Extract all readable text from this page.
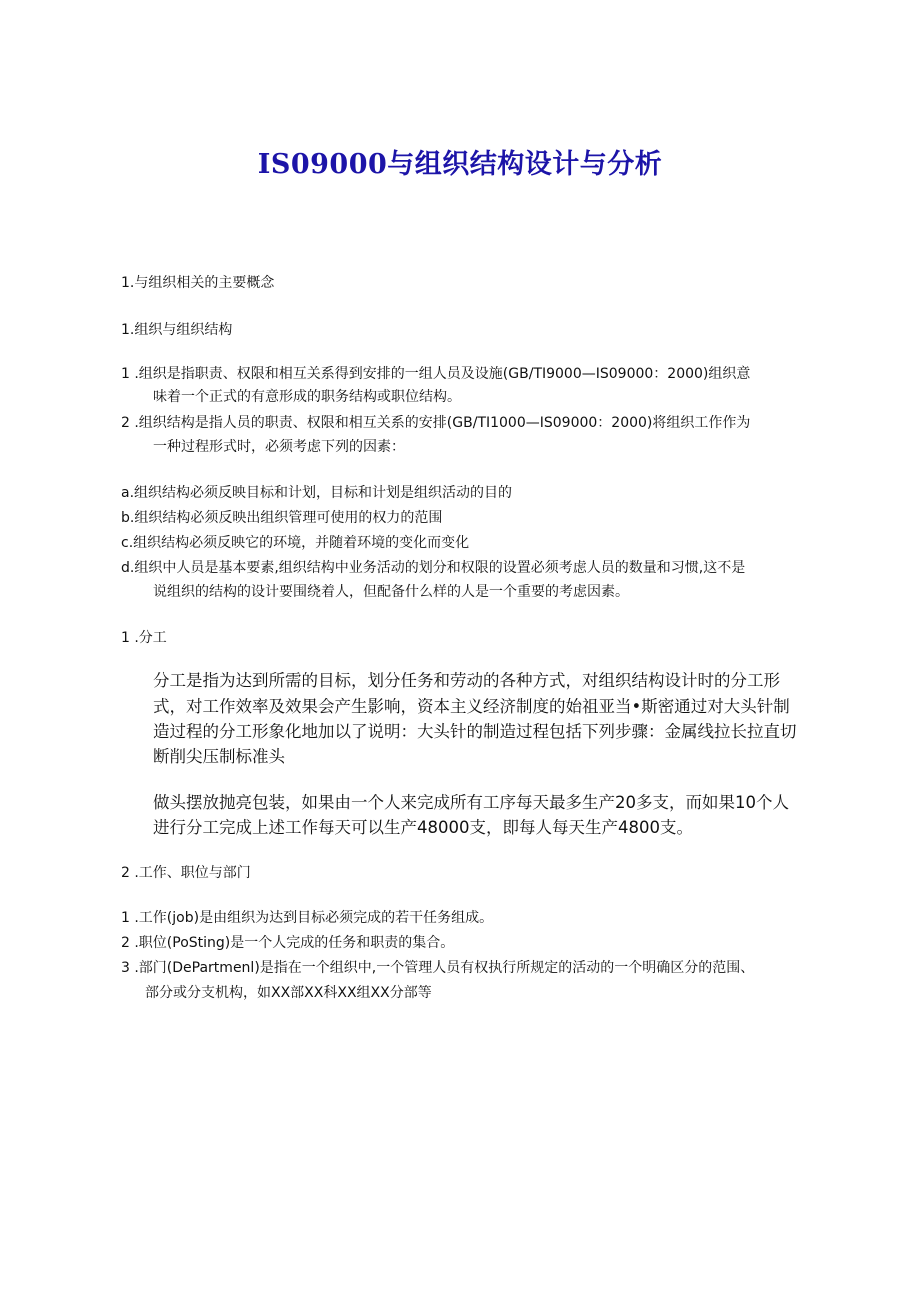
IS09000与组织结构设计与分析
1.与组织相关的主要概念
1.组织与组织结构
1 .组织是指职责、权限和相互关系得到安排的一组人员及设施(GB/TI9000—IS09000：2000)组织意
味着一个正式的有意形成的职务结构或职位结构。
2 .组织结构是指人员的职责、权限和相互关系的安排(GB/TI1000—IS09000：2000)将组织工作作为
一种过程形式时，必须考虑下列的因素：
a.组织结构必须反映目标和计划，目标和计划是组织活动的目的
b.组织结构必须反映出组织管理可使用的权力的范围
c.组织结构必须反映它的环境，并随着环境的变化而变化
d.组织中人员是基本要素,组织结构中业务活动的划分和权限的设置必须考虑人员的数量和习惯,这不是
说组织的结构的设计要围绕着人，但配备什么样的人是一个重要的考虑因素。
1 .分工
分工是指为达到所需的目标，划分任务和劳动的各种方式，对组织结构设计时的分工形
式，对工作效率及效果会产生影响，资本主义经济制度的始祖亚当•斯密通过对大头针制
造过程的分工形象化地加以了说明：大头针的制造过程包括下列步骤：金属线拉长拉直切
断削尖压制标准头
做头摆放抛亮包装，如果由一个人来完成所有工序每天最多生产20多支，而如果10个人
进行分工完成上述工作每天可以生产48000支，即每人每天生产4800支。
2 .工作、职位与部门
1 .工作(job)是由组织为达到目标必须完成的若干任务组成。
2 .职位(PoSting)是一个人完成的任务和职责的集合。
3 .部门(DePartmenl)是指在一个组织中,一个管理人员有权执行所规定的活动的一个明确区分的范围、
部分或分支机构，如XX部XX科XX组XX分部等
